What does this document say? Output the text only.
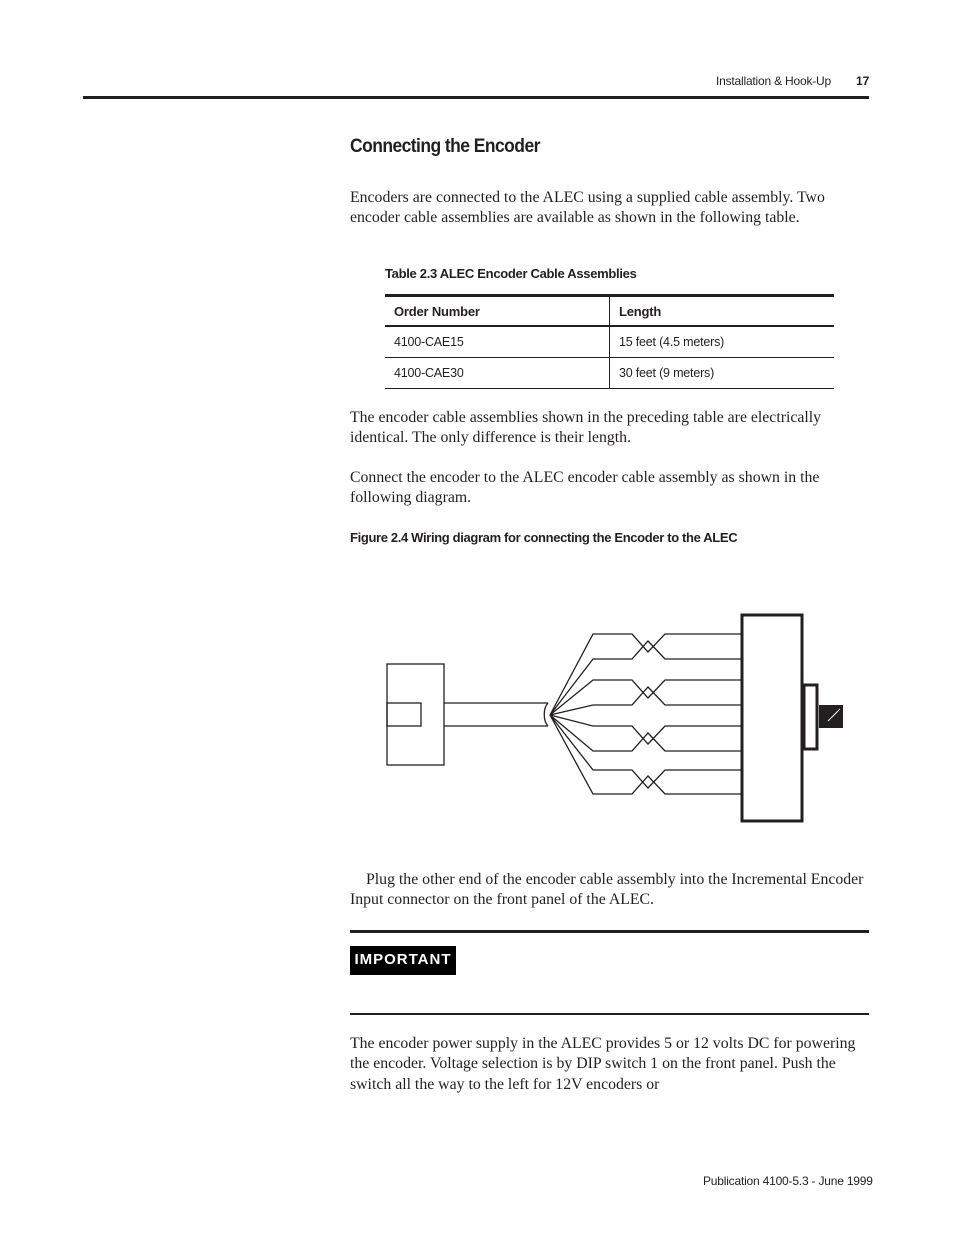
Installation & Hook-Up 17
Connecting the Encoder

Encoders are connected to the ALEC using a supplied cable assembly. Two encoder cable assemblies are available as shown in the following table.

Table 2.3 ALEC Encoder Cable Assemblies
Order Number	Length
4100-CAE15	15 feet (4.5 meters)
4100-CAE30	30 feet (9 meters)

The encoder cable assemblies shown in the preceding table are electrically identical. The only difference is their length.

Connect the encoder to the ALEC encoder cable assembly as shown in the following diagram.

Figure 2.4 Wiring diagram for connecting the Encoder to the ALEC

Plug the other end of the encoder cable assembly into the Incremental Encoder Input connector on the front panel of the ALEC.

IMPORTANT

The encoder power supply in the ALEC provides 5 or 12 volts DC for powering the encoder. Voltage selection is by DIP switch 1 on the front panel. Push the switch all the way to the left for 12V encoders or

Publication 4100-5.3 - June 1999
